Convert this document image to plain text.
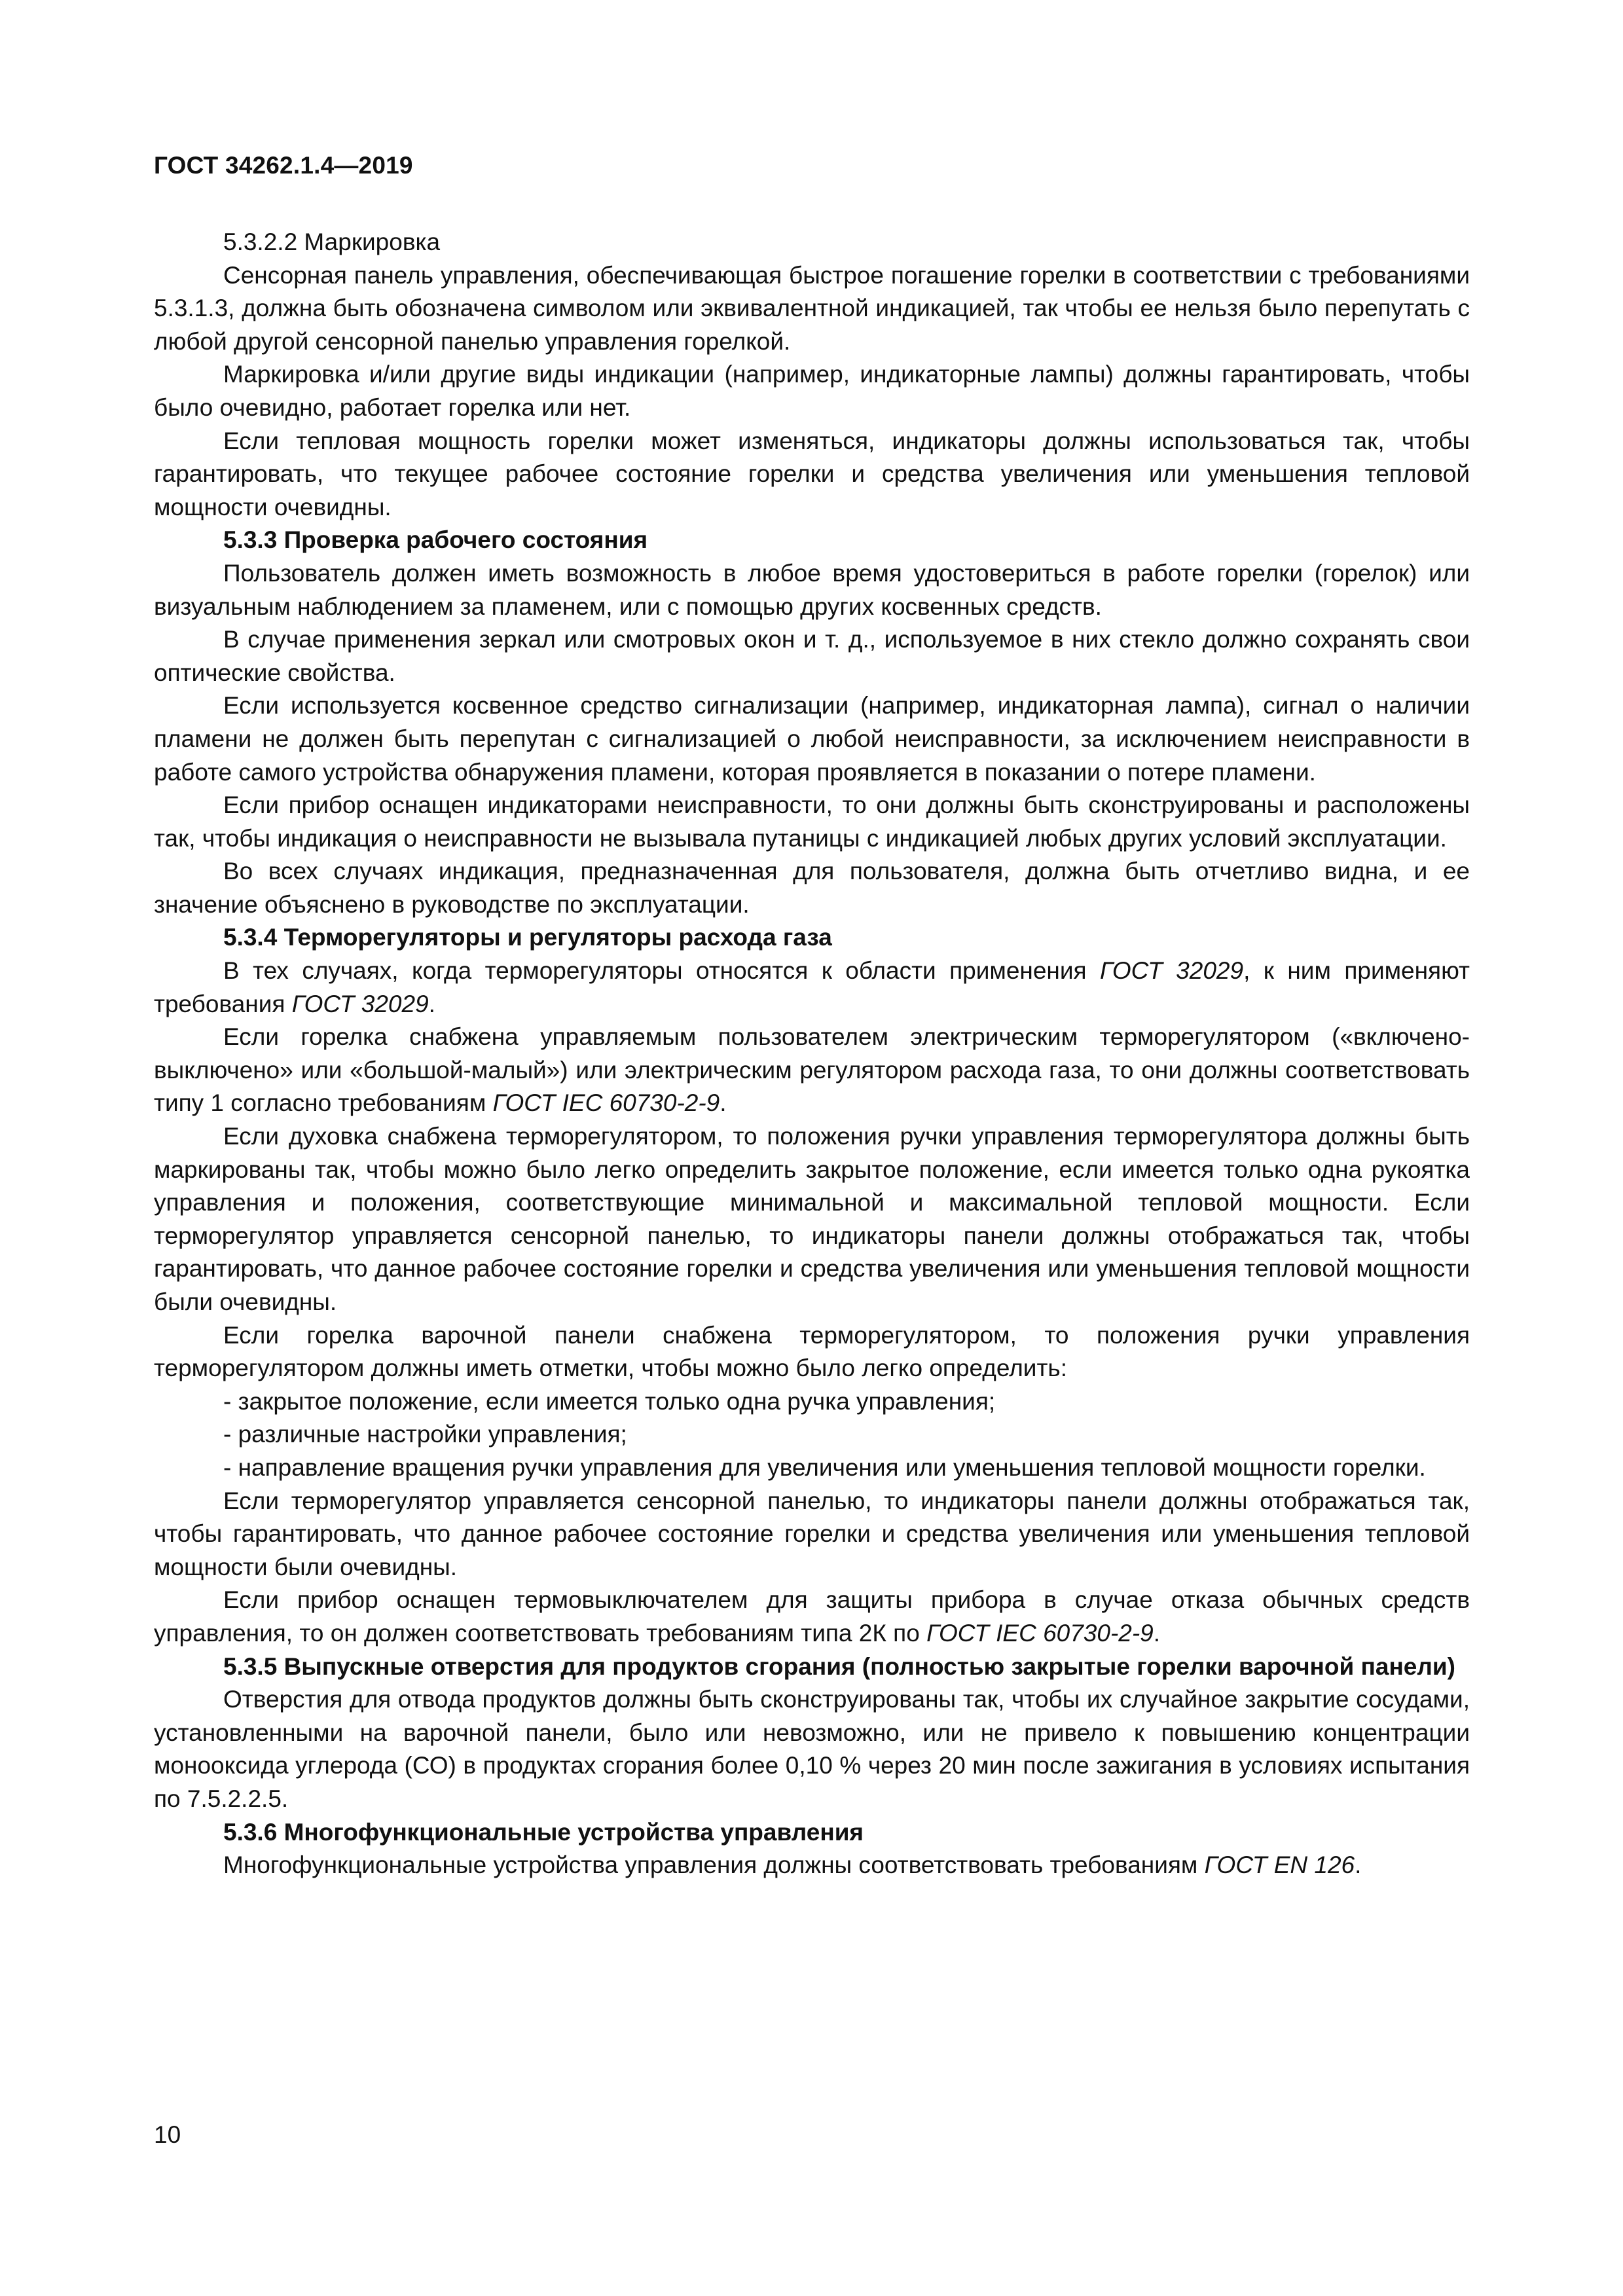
ГОСТ 34262.1.4—2019

5.3.2.2 Маркировка

Сенсорная панель управления, обеспечивающая быстрое погашение горелки в соответствии с требованиями 5.3.1.3, должна быть обозначена символом или эквивалентной индикацией, так чтобы ее нельзя было перепутать с любой другой сенсорной панелью управления горелкой.

Маркировка и/или другие виды индикации (например, индикаторные лампы) должны гарантировать, чтобы было очевидно, работает горелка или нет.

Если тепловая мощность горелки может изменяться, индикаторы должны использоваться так, чтобы гарантировать, что текущее рабочее состояние горелки и средства увеличения или уменьшения тепловой мощности очевидны.

5.3.3 Проверка рабочего состояния

Пользователь должен иметь возможность в любое время удостовериться в работе горелки (горелок) или визуальным наблюдением за пламенем, или с помощью других косвенных средств.

В случае применения зеркал или смотровых окон и т. д., используемое в них стекло должно сохранять свои оптические свойства.

Если используется косвенное средство сигнализации (например, индикаторная лампа), сигнал о наличии пламени не должен быть перепутан с сигнализацией о любой неисправности, за исключением неисправности в работе самого устройства обнаружения пламени, которая проявляется в показании о потере пламени.

Если прибор оснащен индикаторами неисправности, то они должны быть сконструированы и расположены так, чтобы индикация о неисправности не вызывала путаницы с индикацией любых других условий эксплуатации.

Во всех случаях индикация, предназначенная для пользователя, должна быть отчетливо видна, и ее значение объяснено в руководстве по эксплуатации.

5.3.4 Терморегуляторы и регуляторы расхода газа

В тех случаях, когда терморегуляторы относятся к области применения ГОСТ 32029, к ним применяют требования ГОСТ 32029.

Если горелка снабжена управляемым пользователем электрическим терморегулятором («включено-выключено» или «большой-малый») или электрическим регулятором расхода газа, то они должны соответствовать типу 1 согласно требованиям ГОСТ IEC 60730-2-9.

Если духовка снабжена терморегулятором, то положения ручки управления терморегулятора должны быть маркированы так, чтобы можно было легко определить закрытое положение, если имеется только одна рукоятка управления и положения, соответствующие минимальной и максимальной тепловой мощности. Если терморегулятор управляется сенсорной панелью, то индикаторы панели должны отображаться так, чтобы гарантировать, что данное рабочее состояние горелки и средства увеличения или уменьшения тепловой мощности были очевидны.

Если горелка варочной панели снабжена терморегулятором, то положения ручки управления терморегулятором должны иметь отметки, чтобы можно было легко определить:

- закрытое положение, если имеется только одна ручка управления;

- различные настройки управления;

- направление вращения ручки управления для увеличения или уменьшения тепловой мощности горелки.

Если терморегулятор управляется сенсорной панелью, то индикаторы панели должны отображаться так, чтобы гарантировать, что данное рабочее состояние горелки и средства увеличения или уменьшения тепловой мощности были очевидны.

Если прибор оснащен термовыключателем для защиты прибора в случае отказа обычных средств управления, то он должен соответствовать требованиям типа 2К по ГОСТ IEC 60730-2-9.

5.3.5 Выпускные отверстия для продуктов сгорания (полностью закрытые горелки варочной панели)

Отверстия для отвода продуктов должны быть сконструированы так, чтобы их случайное закрытие сосудами, установленными на варочной панели, было или невозможно, или не привело к повышению концентрации монооксида углерода (СО) в продуктах сгорания более 0,10 % через 20 мин после зажигания в условиях испытания по 7.5.2.2.5.

5.3.6 Многофункциональные устройства управления

Многофункциональные устройства управления должны соответствовать требованиям ГОСТ EN 126.

10
